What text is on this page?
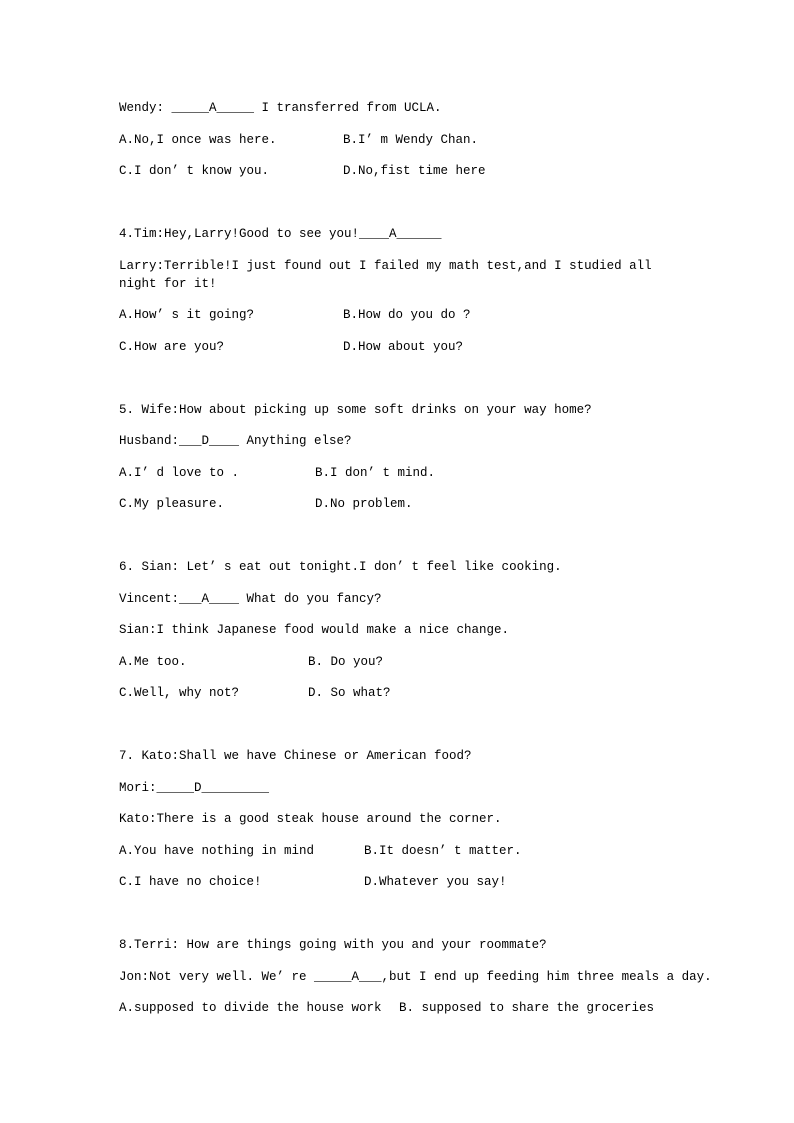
Wendy: _____A_____ I transferred from UCLA.
A.No,I once was here.	B.I’ m Wendy Chan.
C.I don’ t know you.	D.No,fist time here
4.Tim:Hey,Larry!Good to see you!____A______
Larry:Terrible!I just found out I failed my math test,and I studied all night for it!
A.How’ s it going?	B.How do you do ?
C.How are you?	D.How about you?
5. Wife:How about picking up some soft drinks on your way home?
Husband:___D____ Anything else?
A.I’ d love to .	B.I don’ t mind.
C.My pleasure.	D.No problem.
6. Sian: Let’ s eat out tonight.I don’ t feel like cooking.
Vincent:___A____ What do you fancy?
Sian:I think Japanese food would make a nice change.
A.Me too.	B. Do you?
C.Well, why not?	D. So what?
7. Kato:Shall we have Chinese or American food?
Mori:_____D_________
Kato:There is a good steak house around the corner.
A.You have nothing in mind	B.It doesn’ t matter.
C.I have no choice!	D.Whatever you say!
8.Terri: How are things going with you and your roommate?
Jon:Not very well. We’ re _____A___,but I end up feeding him three meals a day.
A.supposed to divide the house work B. supposed to share the groceries
